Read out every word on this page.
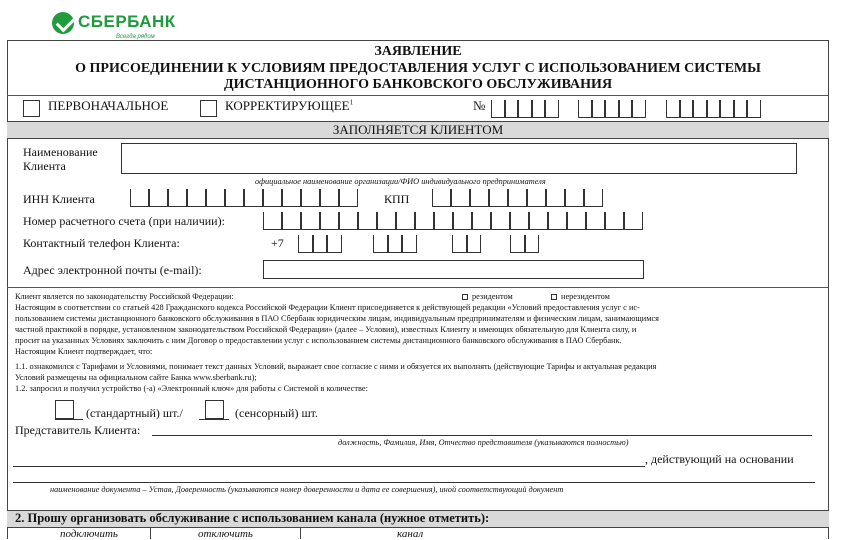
СБЕРБАНК
Всегда рядом
ЗАЯВЛЕНИЕ
О ПРИСОЕДИНЕНИИ К УСЛОВИЯМ ПРЕДОСТАВЛЕНИЯ УСЛУГ С ИСПОЛЬЗОВАНИЕМ СИСТЕМЫ
ДИСТАНЦИОННОГО БАНКОВСКОГО ОБСЛУЖИВАНИЯ
ПЕРВОНАЧАЛЬНОЕ	КОРРЕКТИРУЮЩЕЕ$^1$	№
ЗАПОЛНЯЕТСЯ КЛИЕНТОМ
Наименование
Клиента
официальное наименование организации/ФИО индивидуального предпринимателя
ИНН Клиента	КПП
Номер расчетного счета (при наличии):
Контактный телефон Клиента:	+7
Адрес электронной почты (e-mail):
Клиент является по законодательству Российской Федерации:	резидентом	нерезидентом
Настоящим в соответствии со статьей 428 Гражданского кодекса Российской Федерации Клиент присоединяется к действующей редакции «Условий предоставления услуг с ис-
пользованием системы дистанционного банковского обслуживания в ПАО Сбербанк юридическим лицам, индивидуальным предпринимателям и физическим лицам, занимающимся
частной практикой в порядке, установленном законодательством Российской Федерации» (далее – Условия), известных Клиенту и имеющих обязательную для Клиента силу, и
просит на указанных Условиях заключить с ним Договор о предоставлении услуг с использованием системы дистанционного банковского обслуживания в ПАО Сбербанк.
Настоящим Клиент подтверждает, что:
1.1. ознакомился с Тарифами и Условиями, понимает текст данных Условий, выражает свое согласие с ними и обязуется их выполнять (действующие Тарифы и актуальная редакция
Условий размещены на официальном сайте Банка www.sberbank.ru);
1.2. запросил и получил устройство (-а) «Электронный ключ» для работы с Системой в количестве:
(стандартный) шт./	(сенсорный) шт.
Представитель Клиента:
должность, Фамилия, Имя, Отчество представителя (указываются полностью)
, действующий на основании
наименование документа – Устав, Доверенность (указываются номер доверенности и дата ее совершения), иной соответствующий документ
2. Прошу организовать обслуживание с использованием канала (нужное отметить):
подключить	отключить	канал
